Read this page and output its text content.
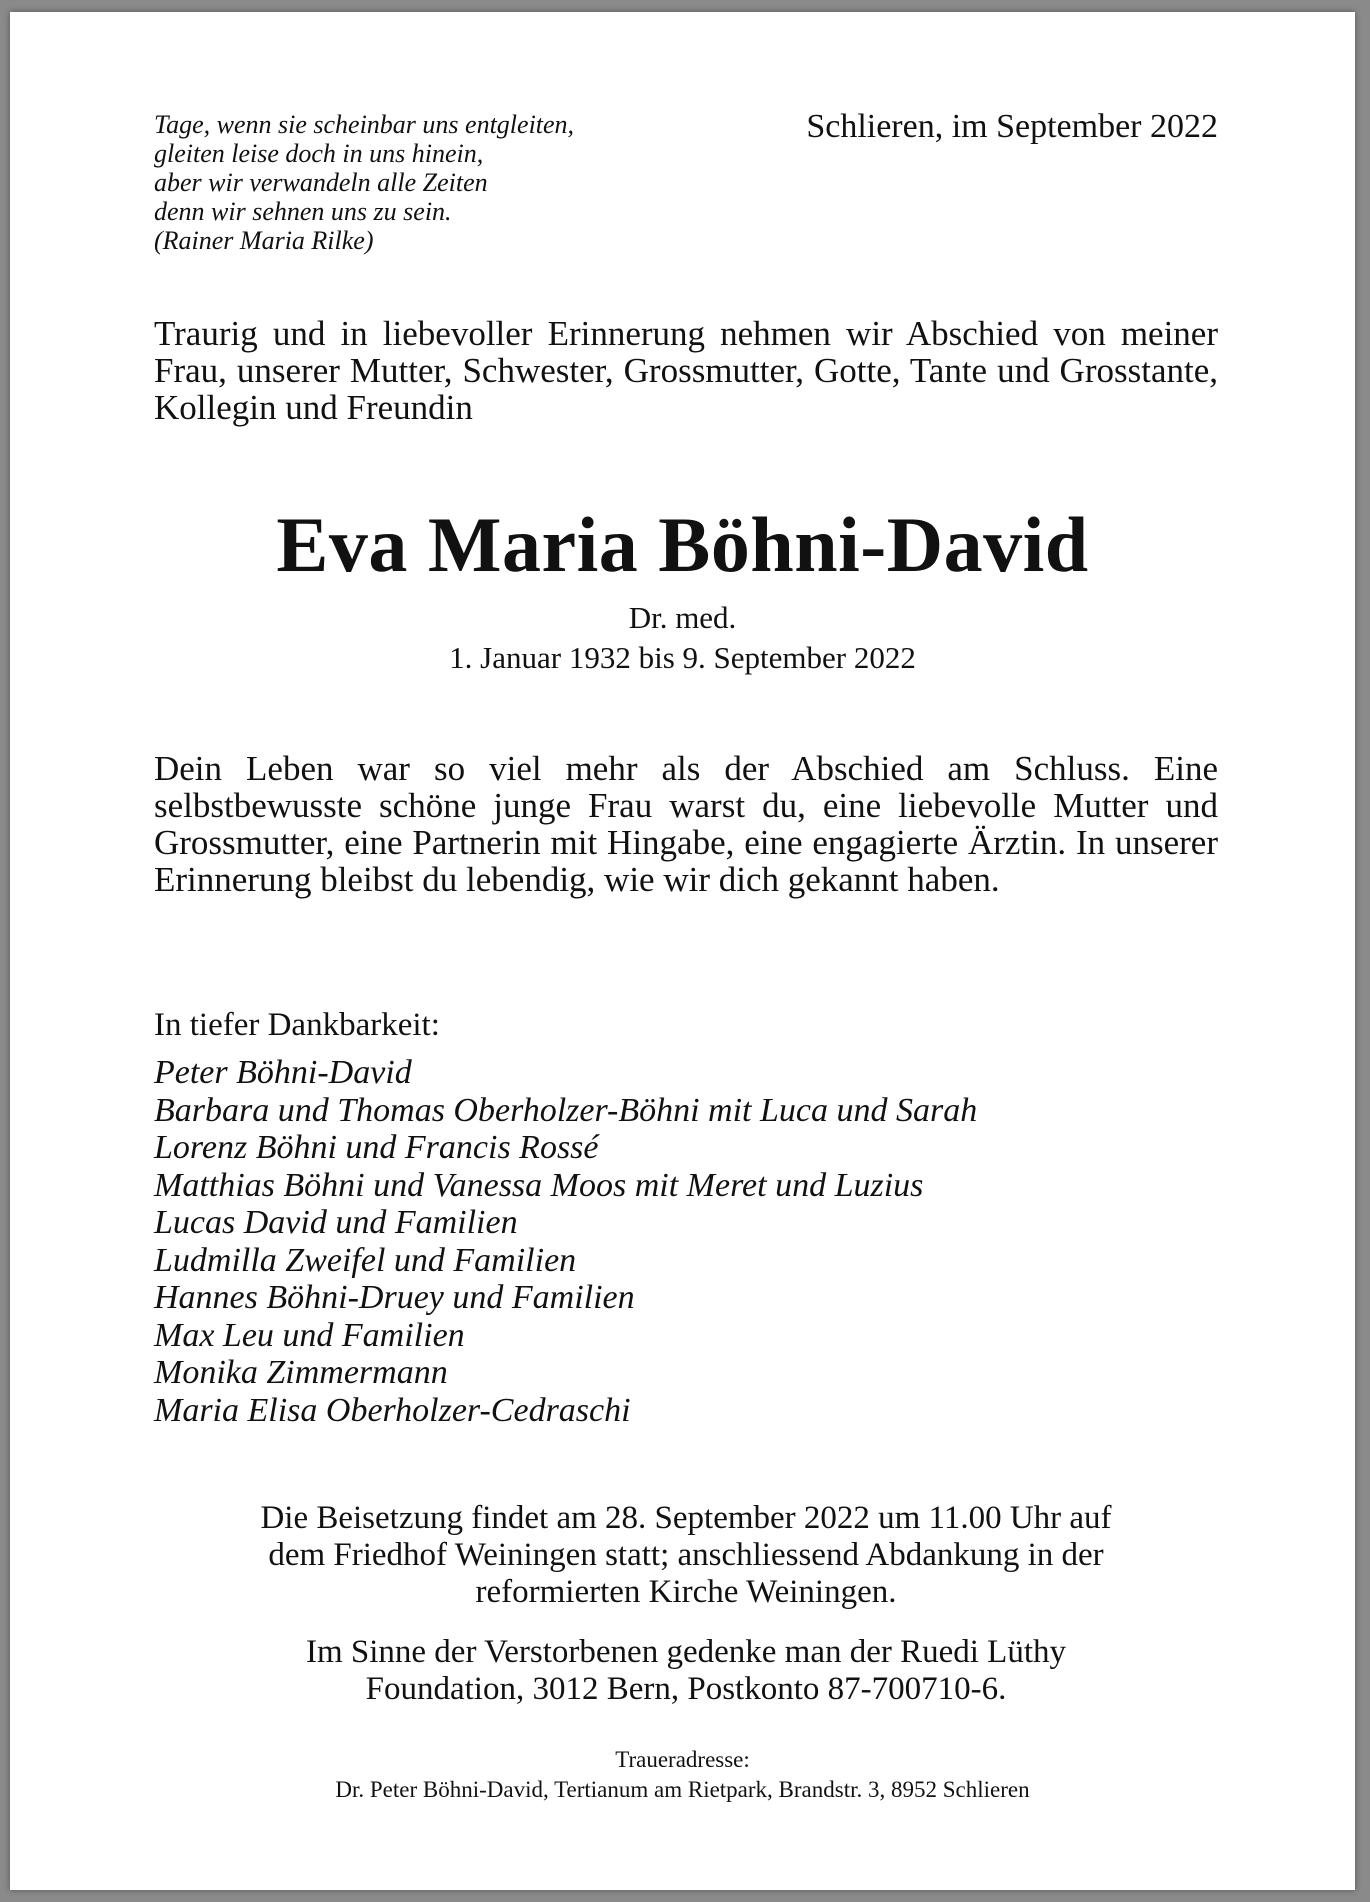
Tage, wenn sie scheinbar uns entgleiten,
gleiten leise doch in uns hinein,
aber wir verwandeln alle Zeiten
denn wir sehnen uns zu sein.
(Rainer Maria Rilke)
Schlieren, im September 2022
Traurig und in liebevoller Erinnerung nehmen wir Abschied von meiner Frau, unserer Mutter, Schwester, Grossmutter, Gotte, Tante und Grosstante, Kollegin und Freundin
Eva Maria Böhni-David
Dr. med.
1. Januar 1932 bis 9. September 2022
Dein Leben war so viel mehr als der Abschied am Schluss. Eine selbstbewusste schöne junge Frau warst du, eine liebevolle Mutter und Grossmutter, eine Partnerin mit Hingabe, eine engagierte Ärztin. In unserer Erinnerung bleibst du lebendig, wie wir dich gekannt haben.
In tiefer Dankbarkeit:
Peter Böhni-David
Barbara und Thomas Oberholzer-Böhni mit Luca und Sarah
Lorenz Böhni und Francis Rossé
Matthias Böhni und Vanessa Moos mit Meret und Luzius
Lucas David und Familien
Ludmilla Zweifel und Familien
Hannes Böhni-Druey und Familien
Max Leu und Familien
Monika Zimmermann
Maria Elisa Oberholzer-Cedraschi
Die Beisetzung findet am 28. September 2022 um 11.00 Uhr auf
dem Friedhof Weiningen statt; anschliessend Abdankung in der
reformierten Kirche Weiningen.
Im Sinne der Verstorbenen gedenke man der Ruedi Lüthy
Foundation, 3012 Bern, Postkonto 87-700710-6.
Traueradresse:
Dr. Peter Böhni-David, Tertianum am Rietpark, Brandstr. 3, 8952 Schlieren
